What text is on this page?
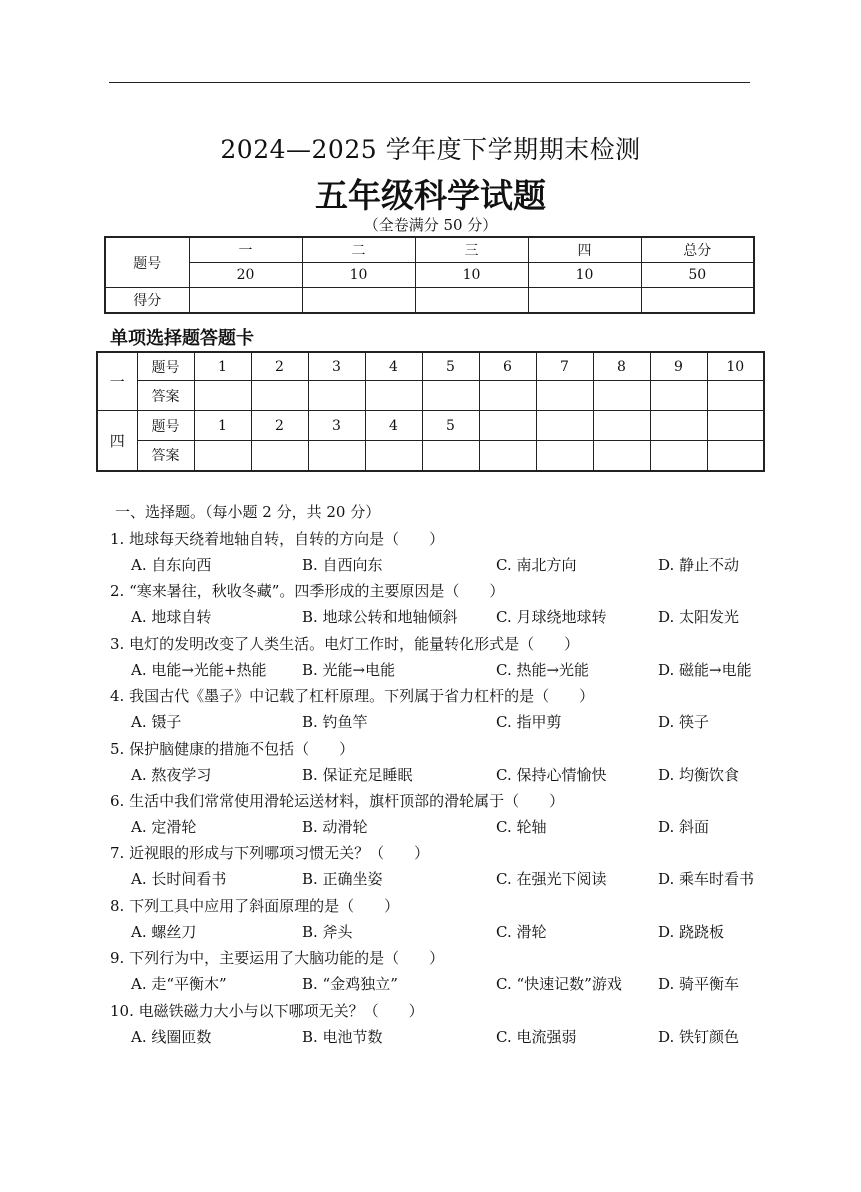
2024—2025 学年度下学期期末检测
五年级科学试题
（全卷满分 50 分）
题号	一	二	三	四	总分
	20	10	10	10	50
得分					
单项选择题答题卡
一	题号	1	2	3	4	5	6	7	8	9	10
	答案										
四	题号	1	2	3	4	5					
	答案										
一、选择题。（每小题 2 分，共 20 分）
1. 地球每天绕着地轴自转，自转的方向是（　　）
A. 自东向西	B. 自西向东	C. 南北方向	D. 静止不动
2. “寒来暑往，秋收冬藏”。四季形成的主要原因是（　　）
A. 地球自转	B. 地球公转和地轴倾斜	C. 月球绕地球转	D. 太阳发光
3. 电灯的发明改变了人类生活。电灯工作时，能量转化形式是（　　）
A. 电能→光能+热能 B. 光能→电能	C. 热能→光能	D. 磁能→电能
4. 我国古代《墨子》中记载了杠杆原理。下列属于省力杠杆的是（　　）
A. 镊子	B. 钓鱼竿	C. 指甲剪	D. 筷子
5. 保护脑健康的措施不包括（　　）
A. 熬夜学习	B. 保证充足睡眠	C. 保持心情愉快	D. 均衡饮食
6. 生活中我们常常使用滑轮运送材料，旗杆顶部的滑轮属于（　　）
A. 定滑轮	B. 动滑轮	C. 轮轴	D. 斜面
7. 近视眼的形成与下列哪项习惯无关？（　　）
A. 长时间看书	B. 正确坐姿	C. 在强光下阅读	D. 乘车时看书
8. 下列工具中应用了斜面原理的是（　　）
A. 螺丝刀	B. 斧头	C. 滑轮	D. 跷跷板
9. 下列行为中，主要运用了大脑功能的是（　　）
A. 走“平衡木”	B. “金鸡独立”	C. “快速记数”游戏 D. 骑平衡车
10. 电磁铁磁力大小与以下哪项无关？（　　）
A. 线圈匝数	B. 电池节数	C. 电流强弱	D. 铁钉颜色
